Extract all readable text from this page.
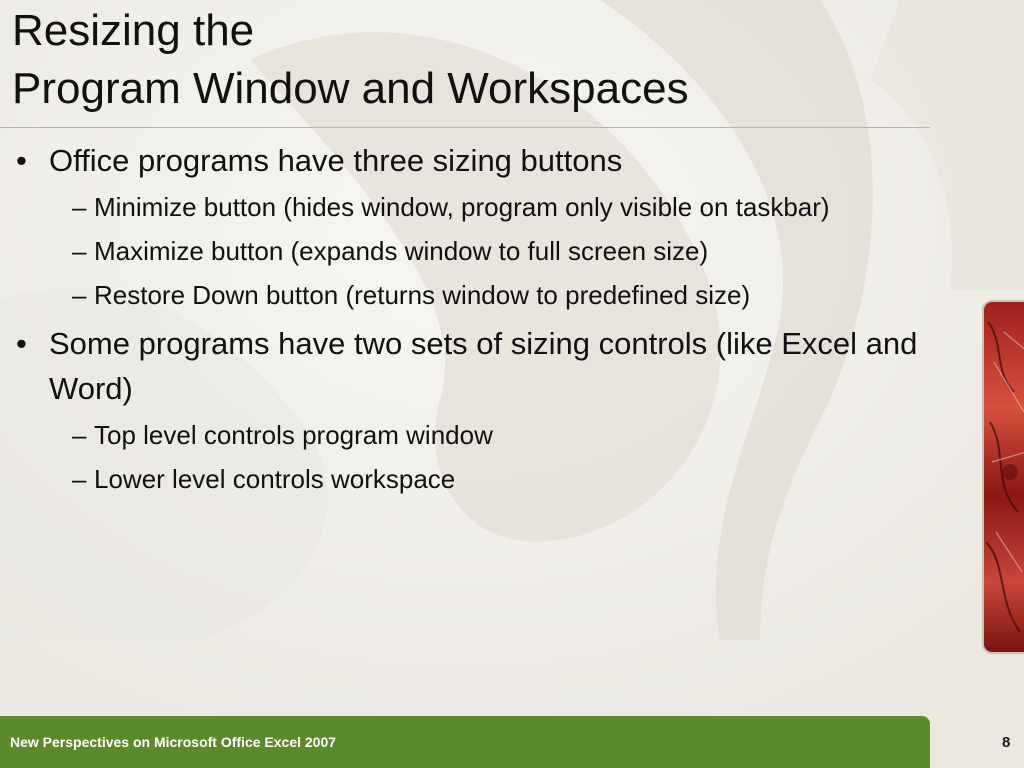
Resizing the
Program Window and Workspaces
• Office programs have three sizing buttons
– Minimize button (hides window, program only visible on taskbar)
– Maximize button (expands window to full screen size)
– Restore Down button (returns window to predefined size)
• Some programs have two sets of sizing controls (like Excel and Word)
– Top level controls program window
– Lower level controls workspace
New Perspectives on Microsoft Office Excel 2007	8
